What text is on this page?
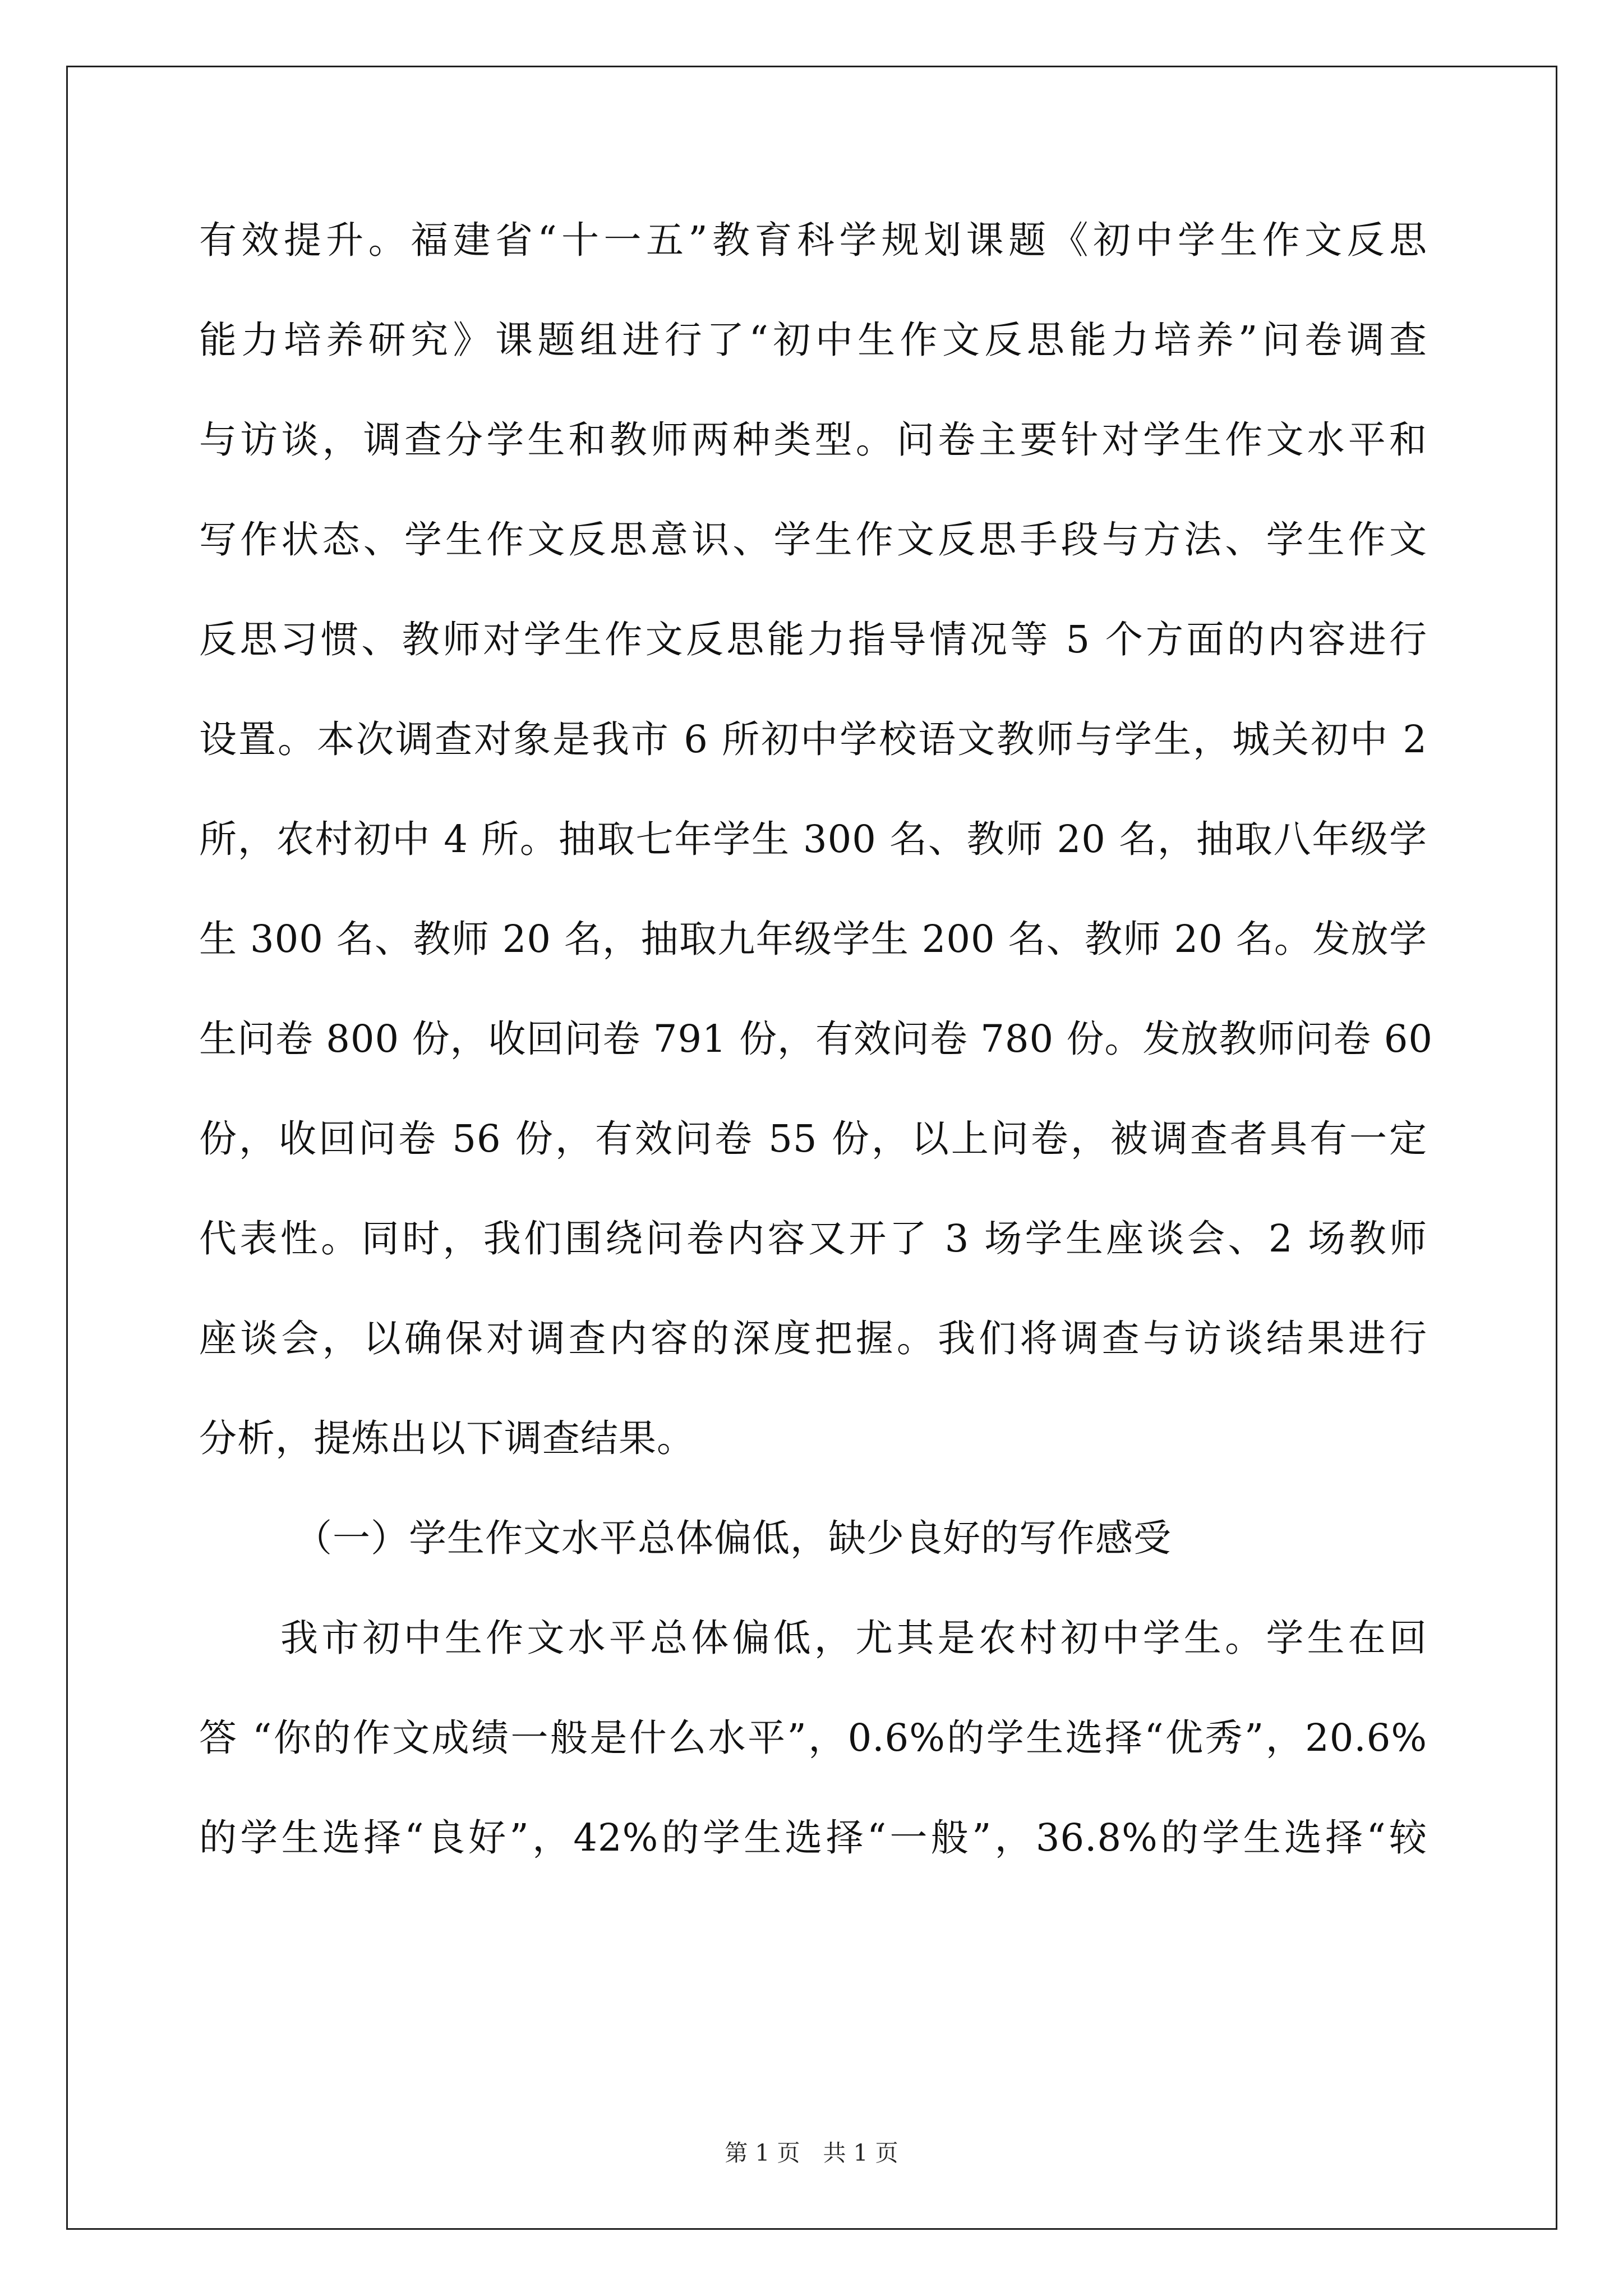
有效提升。福建省“十一五”教育科学规划课题《初中学生作文反思
能力培养研究》课题组进行了“初中生作文反思能力培养”问卷调查
与访谈，调查分学生和教师两种类型。问卷主要针对学生作文水平和
写作状态、学生作文反思意识、学生作文反思手段与方法、学生作文
反思习惯、教师对学生作文反思能力指导情况等 5 个方面的内容进行
设置。本次调查对象是我市 6 所初中学校语文教师与学生，城关初中 2
所，农村初中 4 所。抽取七年学生 300 名、教师 20 名，抽取八年级学
生 300 名、教师 20 名，抽取九年级学生 200 名、教师 20 名。发放学
生问卷 800 份，收回问卷 791 份，有效问卷 780 份。发放教师问卷 60
份，收回问卷 56 份，有效问卷 55 份，以上问卷，被调查者具有一定
代表性。同时，我们围绕问卷内容又开了 3 场学生座谈会、2 场教师
座谈会，以确保对调查内容的深度把握。我们将调查与访谈结果进行
分析，提炼出以下调查结果。
（一）学生作文水平总体偏低，缺少良好的写作感受
我市初中生作文水平总体偏低，尤其是农村初中学生。学生在回
答 “你的作文成绩一般是什么水平”，0.6%的学生选择“优秀”，20.6%
的学生选择“良好”，42%的学生选择“一般”，36.8%的学生选择“较
第 1 页 共 1 页
